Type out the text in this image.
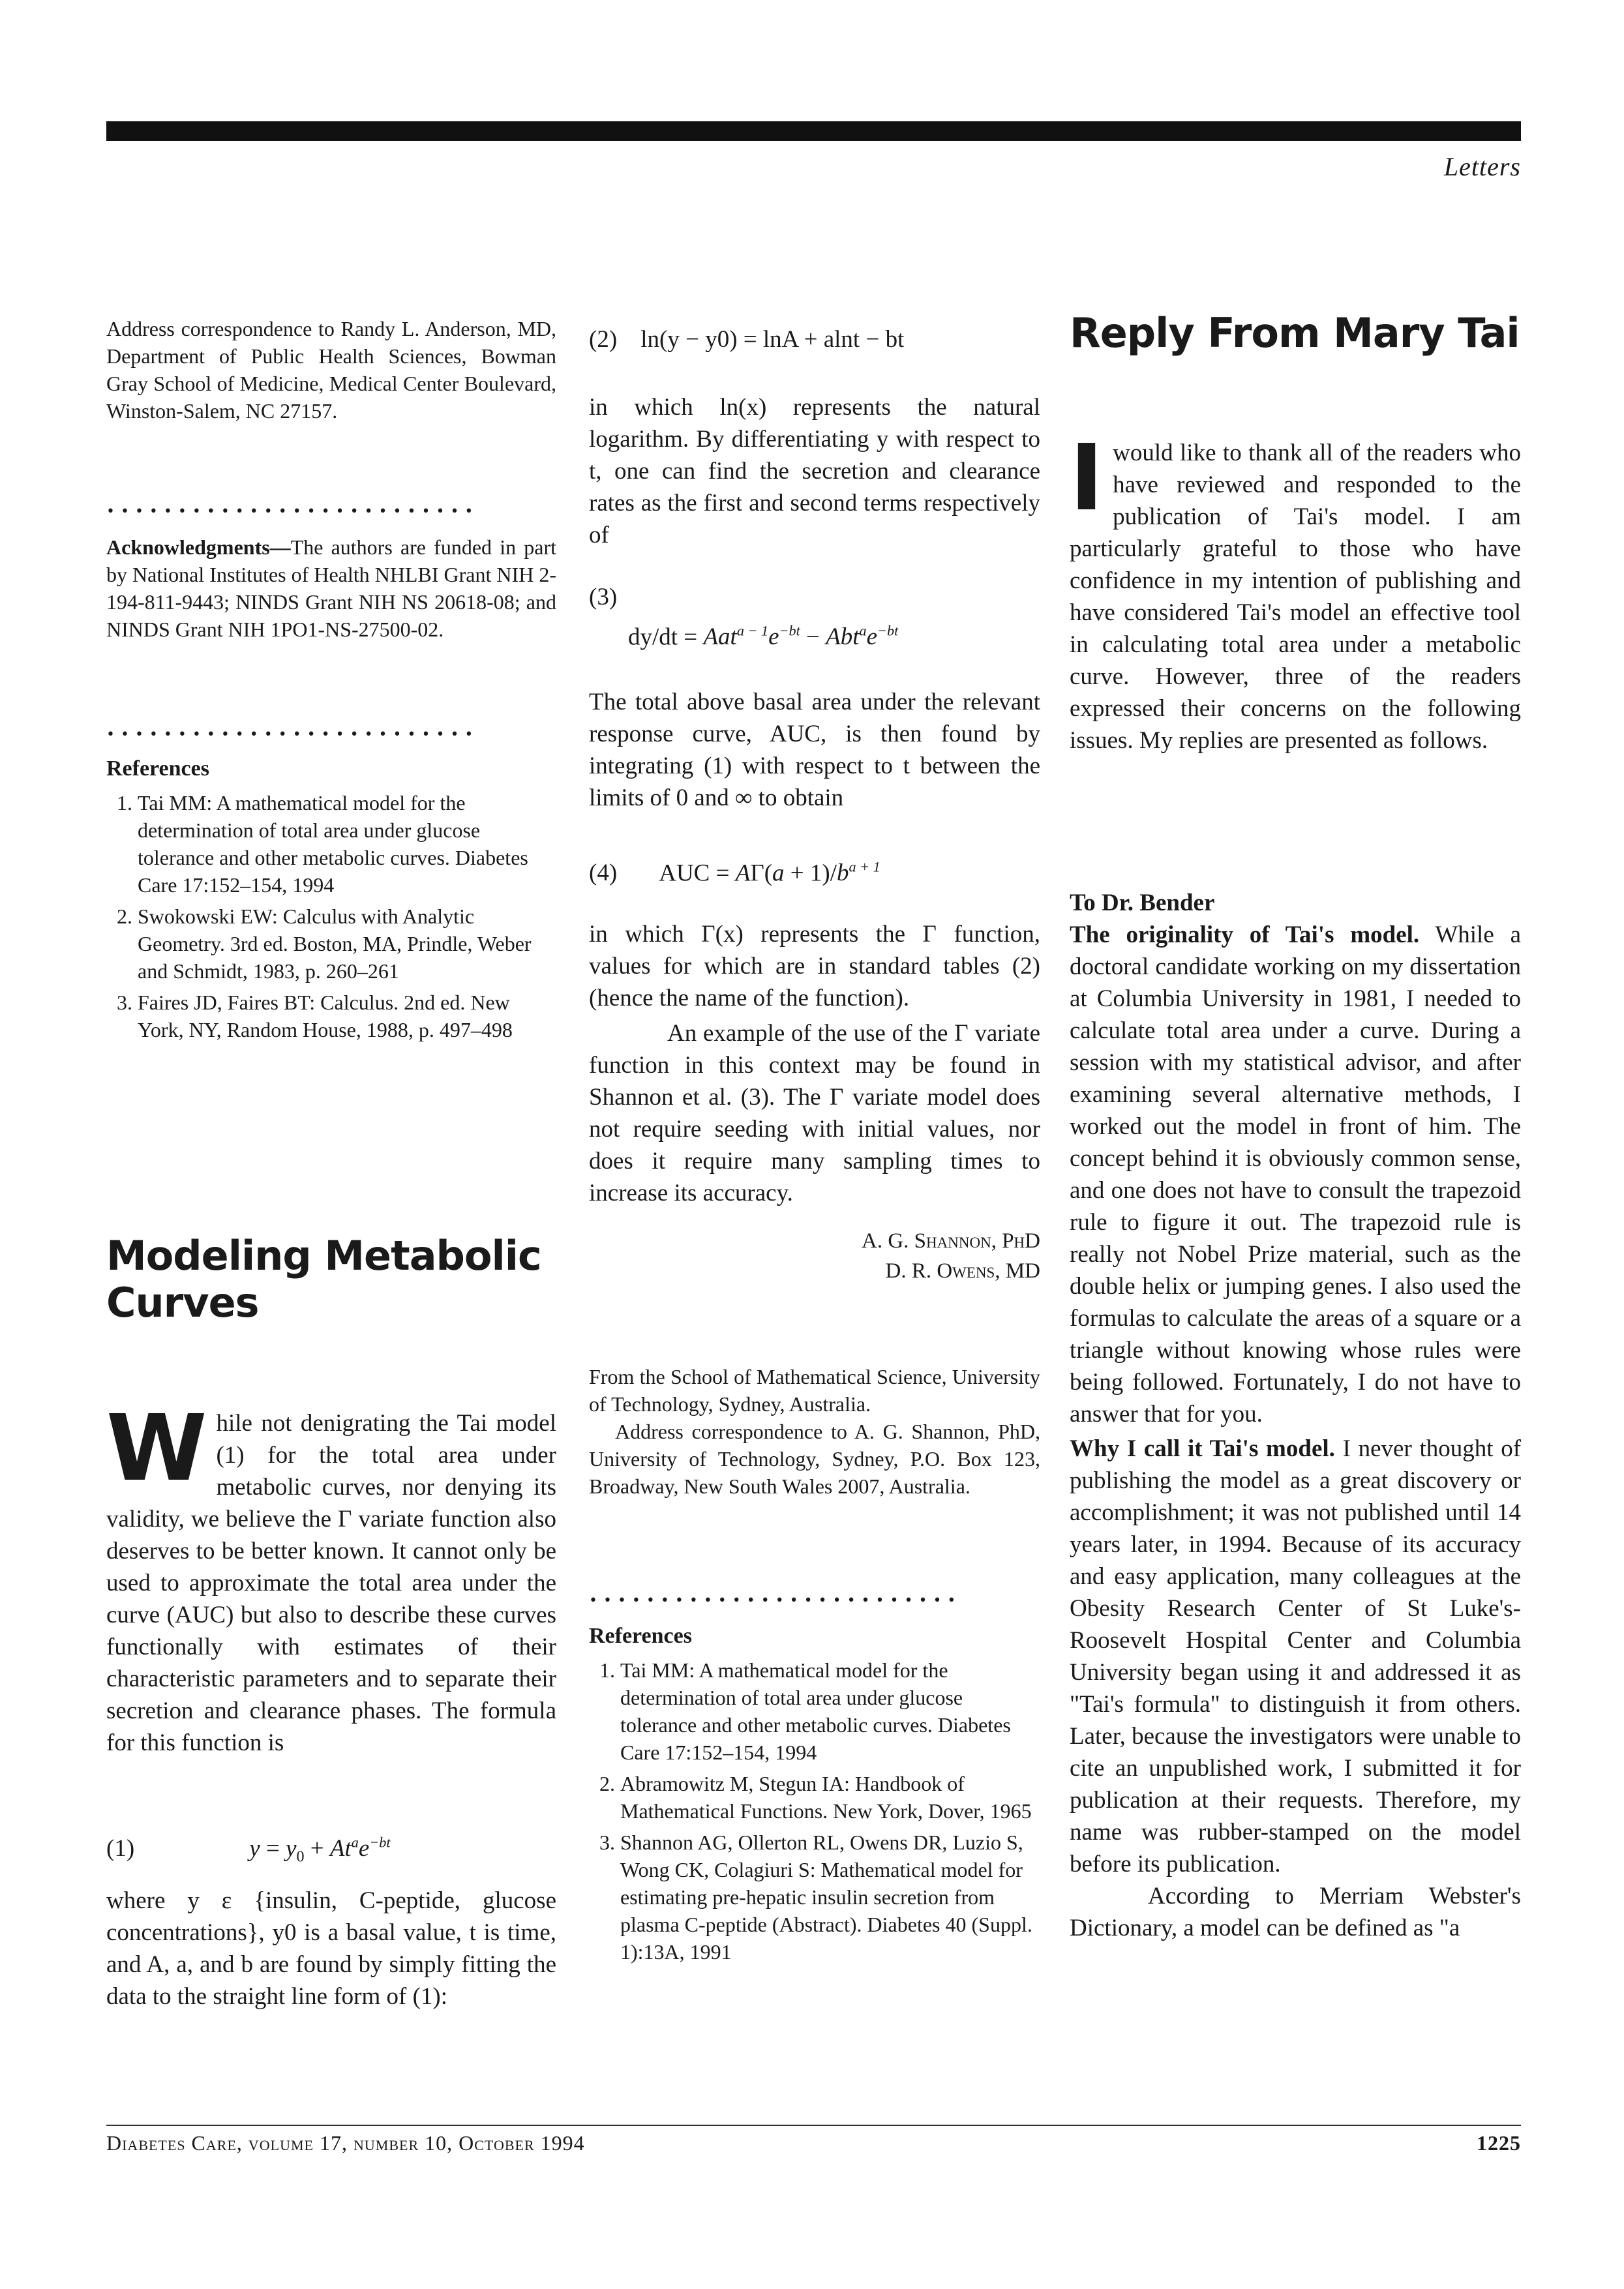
Letters

Address correspondence to Randy L. Anderson, MD, Department of Public Health Sciences, Bowman Gray School of Medicine, Medical Center Boulevard, Winston-Salem, NC 27157.

••••••••••••••••••••••••••

Acknowledgments—The authors are funded in part by National Institutes of Health NHLBI Grant NIH 2-194-811-9443; NINDS Grant NIH NS 20618-08; and NINDS Grant NIH 1PO1-NS-27500-02.

••••••••••••••••••••••••••
References
1. Tai MM: A mathematical model for the determination of total area under glucose tolerance and other metabolic curves. Diabetes Care 17:152–154, 1994
2. Swokowski EW: Calculus with Analytic Geometry. 3rd ed. Boston, MA, Prindle, Weber and Schmidt, 1983, p. 260–261
3. Faires JD, Faires BT: Calculus. 2nd ed. New York, NY, Random House, 1988, p. 497–498
Modeling Metabolic Curves
W hile not denigrating the Tai model (1) for the total area under metabolic curves, nor denying its validity, we believe the Γ variate function also deserves to be better known. It cannot only be used to approximate the total area under the curve (AUC) but also to describe these curves functionally with estimates of their characteristic parameters and to separate their secretion and clearance phases. The formula for this function is

(1)	$y = y_0 + At^ae^{-bt}$

where y ε {insulin, C-peptide, glucose concentrations}, y0 is a basal value, t is time, and A, a, and b are found by simply fitting the data to the straight line form of (1):

(2) ln(y − y0) = lnA + alnt − bt

in which ln(x) represents the natural logarithm. By differentiating y with respect to t, one can find the secretion and clearance rates as the first and second terms respectively of

(3)
$dy/dt = Aat^{a - 1}e^{-bt} - Abt^ae^{-bt}$

The total above basal area under the relevant response curve, AUC, is then found by integrating (1) with respect to t between the limits of 0 and ∞ to obtain

(4) AUC = $A\Gamma(a + 1)/b^{a + 1}$

in which Γ(x) represents the Γ function, values for which are in standard tables (2) (hence the name of the function).

An example of the use of the Γ variate function in this context may be found in Shannon et al. (3). The Γ variate model does not require seeding with initial values, nor does it require many sampling times to increase its accuracy.

A. G. Shannon, PhD
D. R. Owens, MD

From the School of Mathematical Science, University of Technology, Sydney, Australia.

Address correspondence to A. G. Shannon, PhD, University of Technology, Sydney, P.O. Box 123, Broadway, New South Wales 2007, Australia.

••••••••••••••••••••••••••
References
1. Tai MM: A mathematical model for the determination of total area under glucose tolerance and other metabolic curves. Diabetes Care 17:152–154, 1994
2. Abramowitz M, Stegun IA: Handbook of Mathematical Functions. New York, Dover, 1965
3. Shannon AG, Ollerton RL, Owens DR, Luzio S, Wong CK, Colagiuri S: Mathematical model for estimating pre-hepatic insulin secretion from plasma C-peptide (Abstract). Diabetes 40 (Suppl. 1):13A, 1991
Reply From Mary Tai
I would like to thank all of the readers who have reviewed and responded to the publication of Tai's model. I am particularly grateful to those who have confidence in my intention of publishing and have considered Tai's model an effective tool in calculating total area under a metabolic curve. However, three of the readers expressed their concerns on the following issues. My replies are presented as follows.

To Dr. Bender

The originality of Tai's model. While a doctoral candidate working on my dissertation at Columbia University in 1981, I needed to calculate total area under a curve. During a session with my statistical advisor, and after examining several alternative methods, I worked out the model in front of him. The concept behind it is obviously common sense, and one does not have to consult the trapezoid rule to figure it out. The trapezoid rule is really not Nobel Prize material, such as the double helix or jumping genes. I also used the formulas to calculate the areas of a square or a triangle without knowing whose rules were being followed. Fortunately, I do not have to answer that for you.

Why I call it Tai's model. I never thought of publishing the model as a great discovery or accomplishment; it was not published until 14 years later, in 1994. Because of its accuracy and easy application, many colleagues at the Obesity Research Center of St Luke's-Roosevelt Hospital Center and Columbia University began using it and addressed it as "Tai's formula" to distinguish it from others. Later, because the investigators were unable to cite an unpublished work, I submitted it for publication at their requests. Therefore, my name was rubber-stamped on the model before its publication.

According to Merriam Webster's Dictionary, a model can be defined as "a

Diabetes Care, volume 17, number 10, October 1994	1225
